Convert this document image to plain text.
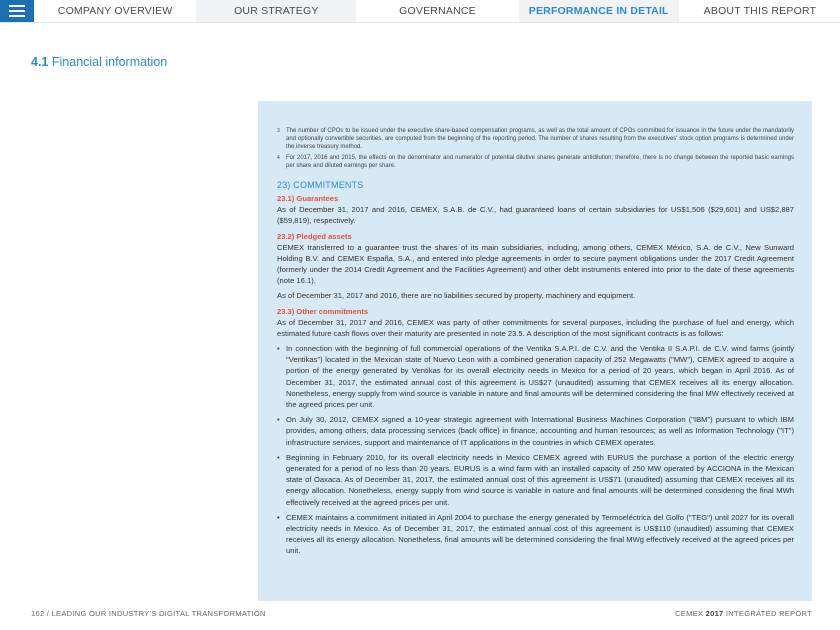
COMPANY OVERVIEW	OUR STRATEGY	GOVERNANCE	PERFORMANCE IN DETAIL	ABOUT THIS REPORT
4.1 Financial information
3	The number of CPOs to be issued under the executive share-based compensation programs, as well as the total amount of CPOs committed for issuance in the future under the mandatorily and optionally convertible securities, are computed from the beginning of the reporting period. The number of shares resulting from the executives' stock option programs is determined under the inverse treasury method.
4	For 2017, 2016 and 2015, the effects on the denominator and numerator of potential dilutive shares generate antidilution; therefore, there is no change between the reported basic earnings per share and diluted earnings per share.
23) COMMITMENTS
23.1) Guarantees

As of December 31, 2017 and 2016, CEMEX, S.A.B. de C.V., had guaranteed loans of certain subsidiaries for US$1,506 ($29,601) and US$2,887 ($59,819), respectively.

23.2) Pledged assets

CEMEX transferred to a guarantee trust the shares of its main subsidiaries, including, among others, CEMEX México, S.A. de C.V., New Sunward Holding B.V. and CEMEX España, S.A., and entered into pledge agreements in order to secure payment obligations under the 2017 Credit Agreement (formerly under the 2014 Credit Agreement and the Facilities Agreement) and other debt instruments entered into prior to the date of these agreements (note 16.1).

As of December 31, 2017 and 2016, there are no liabilities secured by property, machinery and equipment.

23.3) Other commitments

As of December 31, 2017 and 2016, CEMEX was party of other commitments for several purposes, including the purchase of fuel and energy, which estimated future cash flows over their maturity are presented in note 23.5. A description of the most significant contracts is as follows:

• In connection with the beginning of full commercial operations of the Ventika S.A.P.I. de C.V. and the Ventika II S.A.P.I. de C.V. wind farms (jointly "Ventikas") located in the Mexican state of Nuevo Leon with a combined generation capacity of 252 Megawatts ("MW"), CEMEX agreed to acquire a portion of the energy generated by Ventikas for its overall electricity needs in Mexico for a period of 20 years, which began in April 2016. As of December 31, 2017, the estimated annual cost of this agreement is US$27 (unaudited) assuming that CEMEX receives all its energy allocation. Nonetheless, energy supply from wind source is variable in nature and final amounts will be determined considering the final MW effectively received at the agreed prices per unit.
• On July 30, 2012, CEMEX signed a 10-year strategic agreement with International Business Machines Corporation ("IBM") pursuant to which IBM provides, among others, data processing services (back office) in finance, accounting and human resources; as well as Information Technology ("IT") infrastructure services, support and maintenance of IT applications in the countries in which CEMEX operates.
• Beginning in February 2010, for its overall electricity needs in Mexico CEMEX agreed with EURUS the purchase a portion of the electric energy generated for a period of no less than 20 years. EURUS is a wind farm with an installed capacity of 250 MW operated by ACCIONA in the Mexican state of Oaxaca. As of December 31, 2017, the estimated annual cost of this agreement is US$71 (unaudited) assuming that CEMEX receives all its energy allocation. Nonetheless, energy supply from wind source is variable in nature and final amounts will be determined considering the final MWh effectively received at the agreed prices per unit.
• CEMEX maintains a commitment initiated in April 2004 to purchase the energy generated by Termoeléctrica del Golfo ("TEG") until 2027 for its overall electricity needs in Mexico. As of December 31, 2017, the estimated annual cost of this agreement is US$110 (unaudited) assuming that CEMEX receives all its energy allocation. Nonetheless, final amounts will be determined considering the final MWg effectively received at the agreed prices per unit.
162 / LEADING OUR INDUSTRY'S DIGITAL TRANSFORMATION	CEMEX 2017 INTEGRATED REPORT
